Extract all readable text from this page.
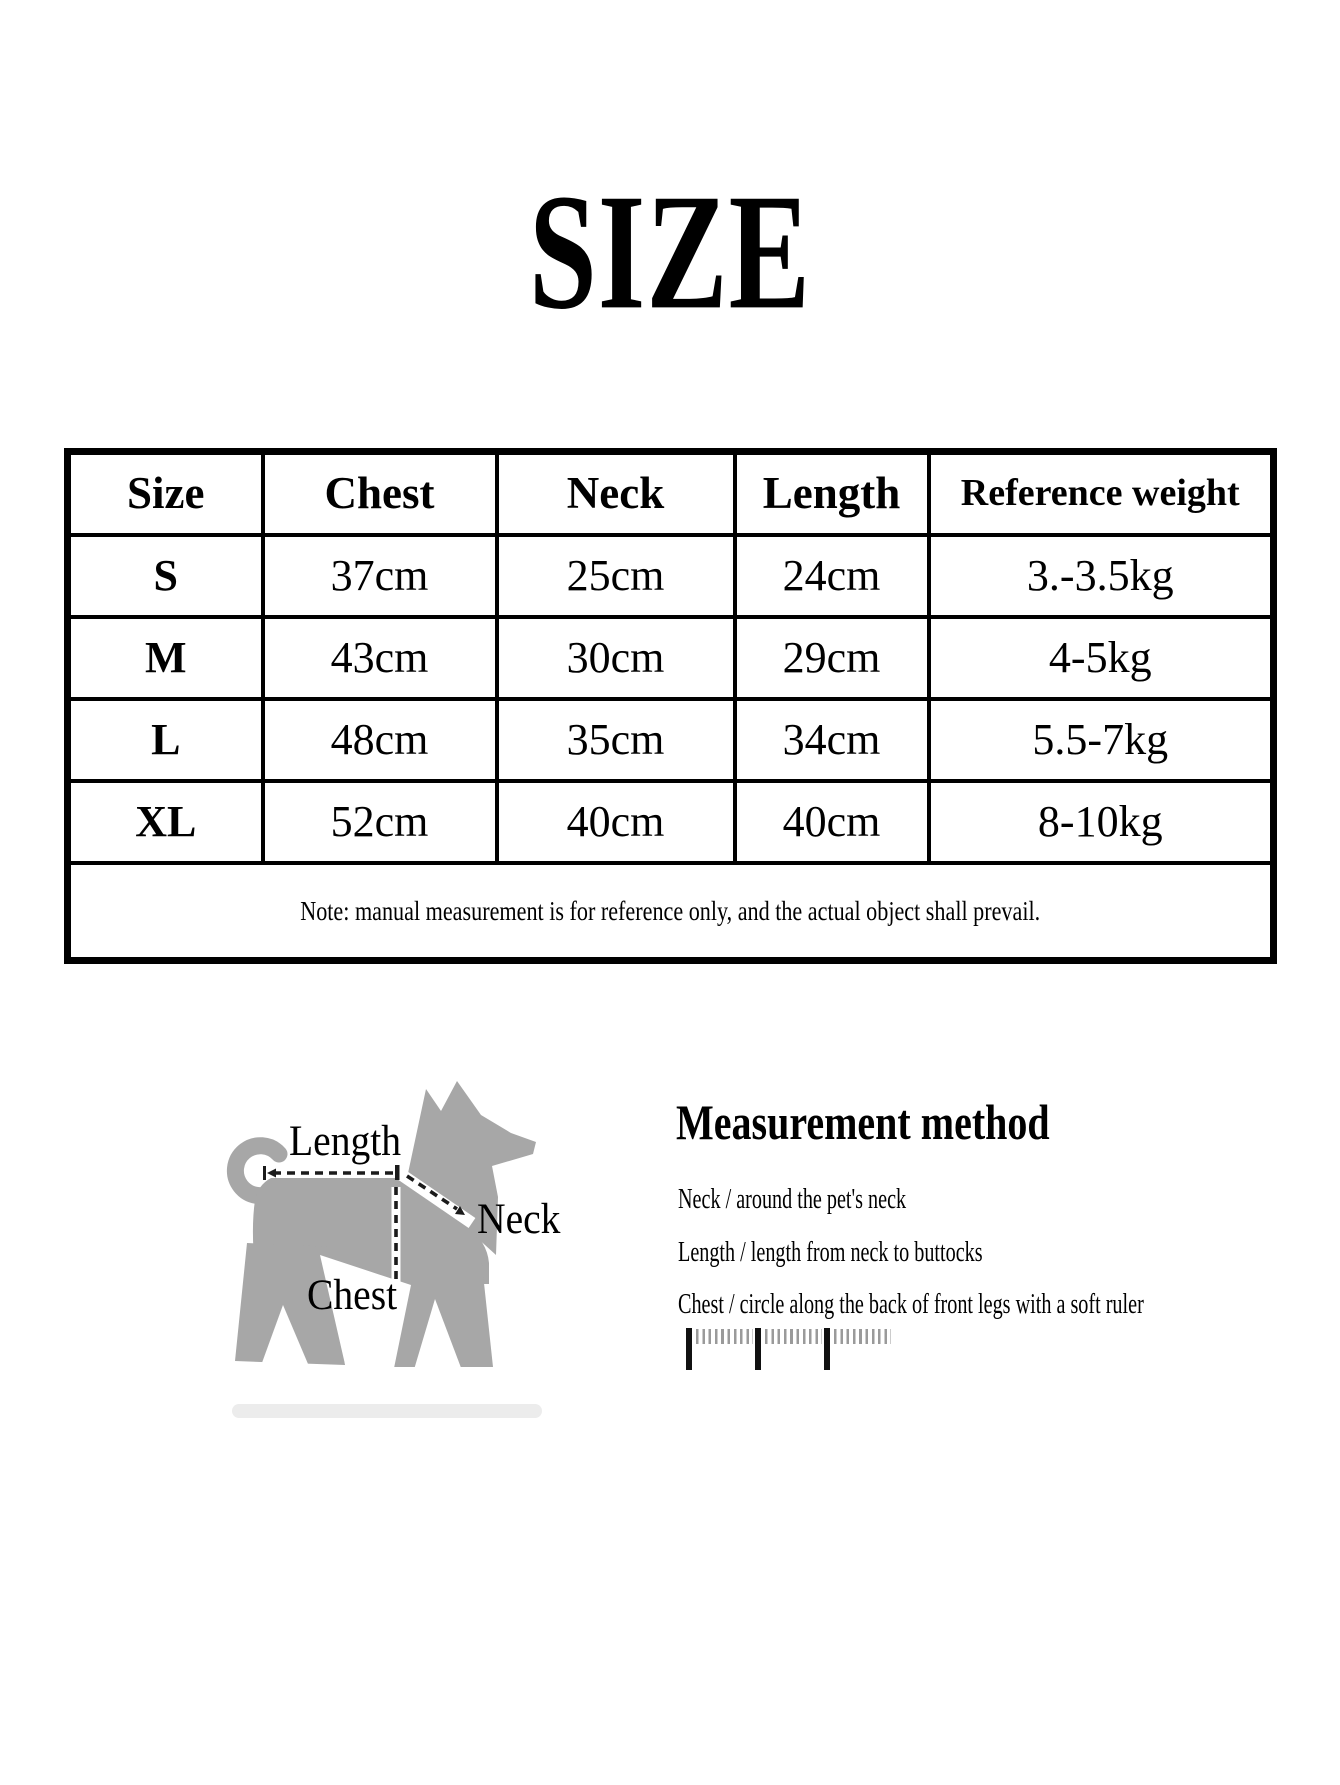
SIZE
Size	Chest	Neck	Length	Reference weight
S	37cm	25cm	24cm	3.-3.5kg
M	43cm	30cm	29cm	4-5kg
L	48cm	35cm	34cm	5.5-7kg
XL	52cm	40cm	40cm	8-10kg
Note: manual measurement is for reference only, and the actual object shall prevail.				
Length
Neck
Chest
Measurement method
Neck / around the pet's neck
Length / length from neck to buttocks
Chest / circle along the back of front legs with a soft ruler
